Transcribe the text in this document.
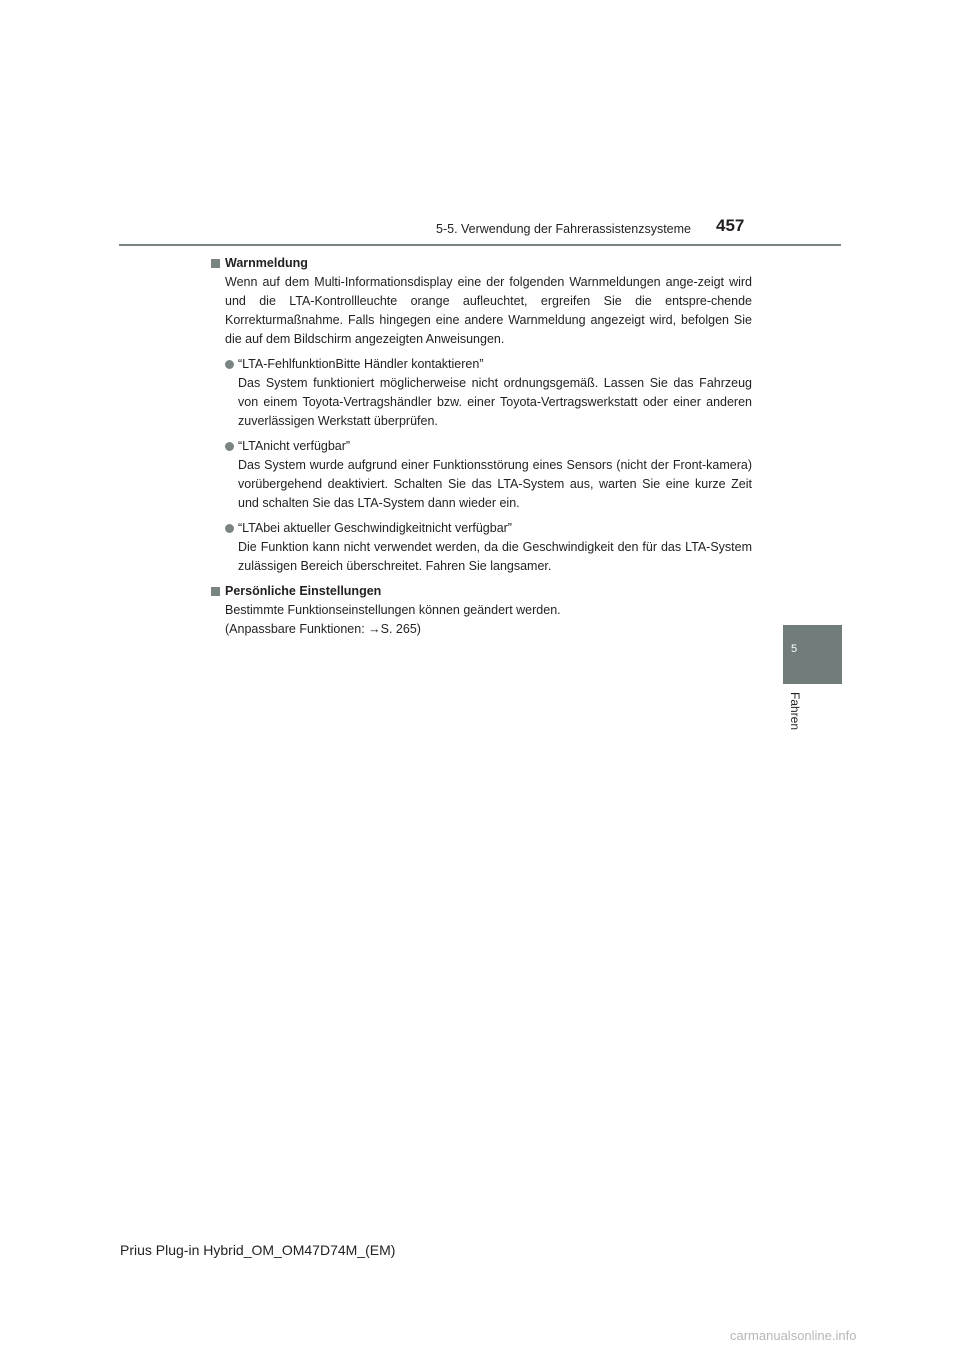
5-5. Verwendung der Fahrerassistenzsysteme 457
5
Fahren
Warnmeldung
Wenn auf dem Multi-Informationsdisplay eine der folgenden Warnmeldungen ange-zeigt wird und die LTA-Kontrollleuchte orange aufleuchtet, ergreifen Sie die entspre-chende Korrekturmaßnahme. Falls hingegen eine andere Warnmeldung angezeigt wird, befolgen Sie die auf dem Bildschirm angezeigten Anweisungen.
“LTA-FehlfunktionBitte Händler kontaktieren”
Das System funktioniert möglicherweise nicht ordnungsgemäß. Lassen Sie das Fahrzeug von einem Toyota-Vertragshändler bzw. einer Toyota-Vertragswerkstatt oder einer anderen zuverlässigen Werkstatt überprüfen.
“LTAnicht verfügbar”
Das System wurde aufgrund einer Funktionsstörung eines Sensors (nicht der Front-kamera) vorübergehend deaktiviert. Schalten Sie das LTA-System aus, warten Sie eine kurze Zeit und schalten Sie das LTA-System dann wieder ein.
“LTAbei aktueller Geschwindigkeitnicht verfügbar”
Die Funktion kann nicht verwendet werden, da die Geschwindigkeit den für das LTA-System zulässigen Bereich überschreitet. Fahren Sie langsamer.
Persönliche Einstellungen
Bestimmte Funktionseinstellungen können geändert werden.
(Anpassbare Funktionen: →S. 265)
Prius Plug-in Hybrid_OM_OM47D74M_(EM)
carmanualsonline.info
